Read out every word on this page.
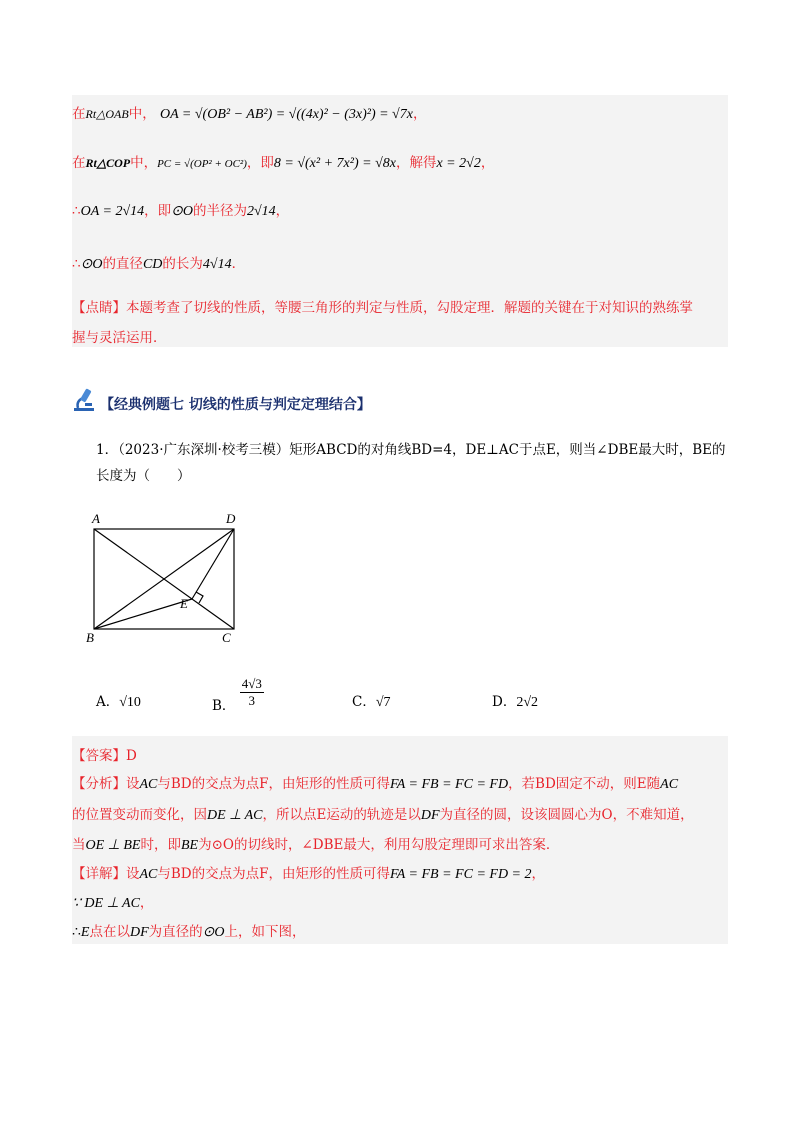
在Rt△OAB中， OA = √(OB² − AB²) = √((4x)² − (3x)²) = √7x，
在Rt△COP中，PC = √(OP² + OC²)，即8 = √(x² + 7x²) = √8x，解得x = 2√2，
∴OA = 2√14，即⊙O的半径为2√14，
∴⊙O的直径CD的长为4√14．
【点睛】本题考查了切线的性质，等腰三角形的判定与性质，勾股定理．解题的关键在于对知识的熟练掌
握与灵活运用．
【经典例题七 切线的性质与判定定理结合】
1．（2023·广东深圳·校考三模）矩形ABCD的对角线BD=4，DE⊥AC于点E，则当∠DBE最大时，BE的
长度为（　　）
A	D
B	C
E
A．√10	B． $\frac{4√3}{3}$	C．√7	D．2√2
【答案】D
【分析】设AC与BD的交点为点F，由矩形的性质可得FA = FB = FC = FD，若BD固定不动，则E随AC
的位置变动而变化，因DE ⊥ AC，所以点E运动的轨迹是以DF为直径的圆，设该圆圆心为O，不难知道，
当OE ⊥ BE时，即BE为⊙O的切线时，∠DBE最大，利用勾股定理即可求出答案．
【详解】设AC与BD的交点为点F，由矩形的性质可得FA = FB = FC = FD = 2，
∵ DE ⊥ AC，
∴E点在以DF为直径的⊙O上，如下图，
